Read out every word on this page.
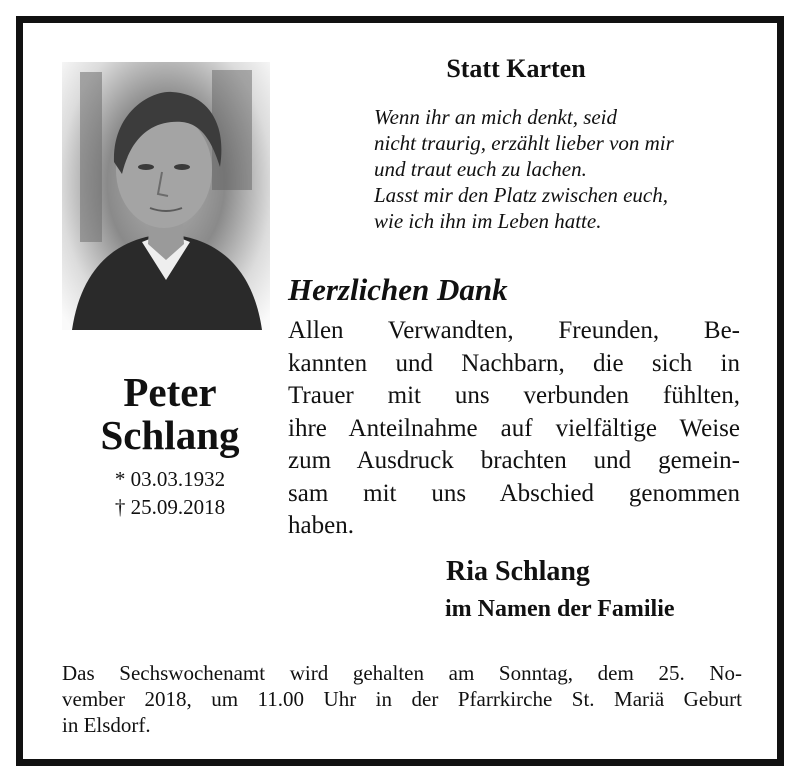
Peter
Schlang
* 03.03.1932
† 25.09.2018
Statt Karten
Wenn ihr an mich denkt, seid
nicht traurig, erzählt lieber von mir
und traut euch zu lachen.
Lasst mir den Platz zwischen euch,
wie ich ihn im Leben hatte.
Herzlichen Dank
Allen Verwandten, Freunden, Be-
kannten und Nachbarn, die sich in
Trauer mit uns verbunden fühlten,
ihre Anteilnahme auf vielfältige Weise
zum Ausdruck brachten und gemein-
sam mit uns Abschied genommen
haben.
Ria Schlang
im Namen der Familie
Das Sechswochenamt wird gehalten am Sonntag, dem 25. No-
vember 2018, um 11.00 Uhr in der Pfarrkirche St. Mariä Geburt
in Elsdorf.
